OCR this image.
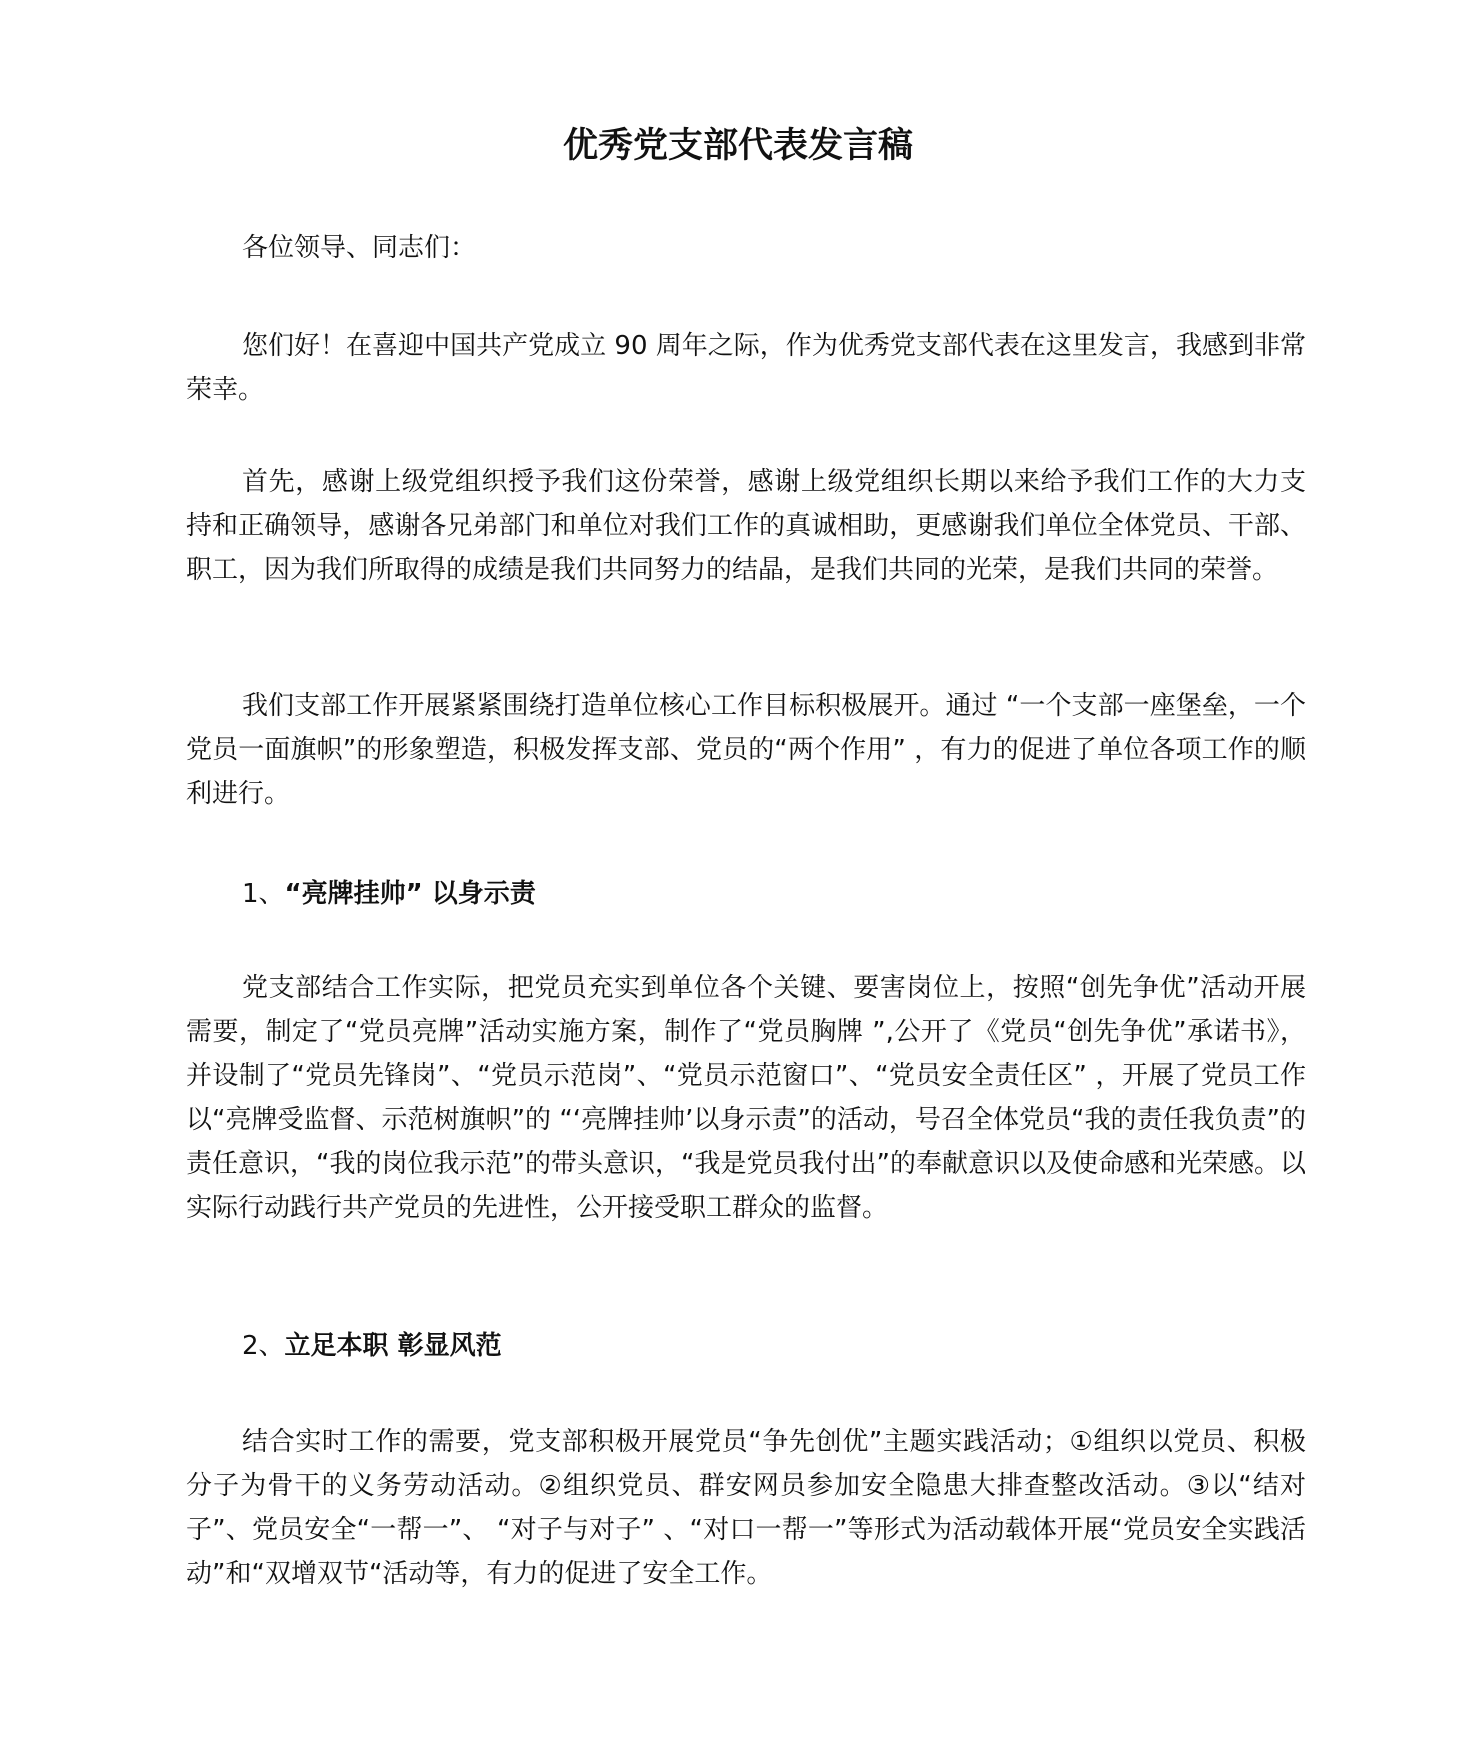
优秀党支部代表发言稿

各位领导、同志们：

您们好！在喜迎中国共产党成立 90 周年之际，作为优秀党支部代表在这里发言，我感到非常荣幸。

首先，感谢上级党组织授予我们这份荣誉，感谢上级党组织长期以来给予我们工作的大力支持和正确领导，感谢各兄弟部门和单位对我们工作的真诚相助，更感谢我们单位全体党员、干部、职工，因为我们所取得的成绩是我们共同努力的结晶，是我们共同的光荣，是我们共同的荣誉。

我们支部工作开展紧紧围绕打造单位核心工作目标积极展开。通过 “一个支部一座堡垒，一个党员一面旗帜”的形象塑造，积极发挥支部、党员的“两个作用” ，有力的促进了单位各项工作的顺利进行。

1、“亮牌挂帅” 以身示责

党支部结合工作实际，把党员充实到单位各个关键、要害岗位上，按照“创先争优”活动开展需要，制定了“党员亮牌”活动实施方案，制作了“党员胸牌 ”,公开了《党员“创先争优”承诺书》，并设制了“党员先锋岗”、“党员示范岗”、“党员示范窗口”、“党员安全责任区” ，开展了党员工作以“亮牌受监督、示范树旗帜”的 “‘亮牌挂帅’以身示责”的活动，号召全体党员“我的责任我负责”的责任意识，“我的岗位我示范”的带头意识，“我是党员我付出”的奉献意识以及使命感和光荣感。以实际行动践行共产党员的先进性，公开接受职工群众的监督。

2、立足本职 彰显风范

结合实时工作的需要，党支部积极开展党员“争先创优”主题实践活动；①组织以党员、积极分子为骨干的义务劳动活动。②组织党员、群安网员参加安全隐患大排查整改活动。③以“结对子”、党员安全“一帮一”、 “对子与对子” 、“对口一帮一”等形式为活动载体开展“党员安全实践活动”和“双增双节“活动等，有力的促进了安全工作。
